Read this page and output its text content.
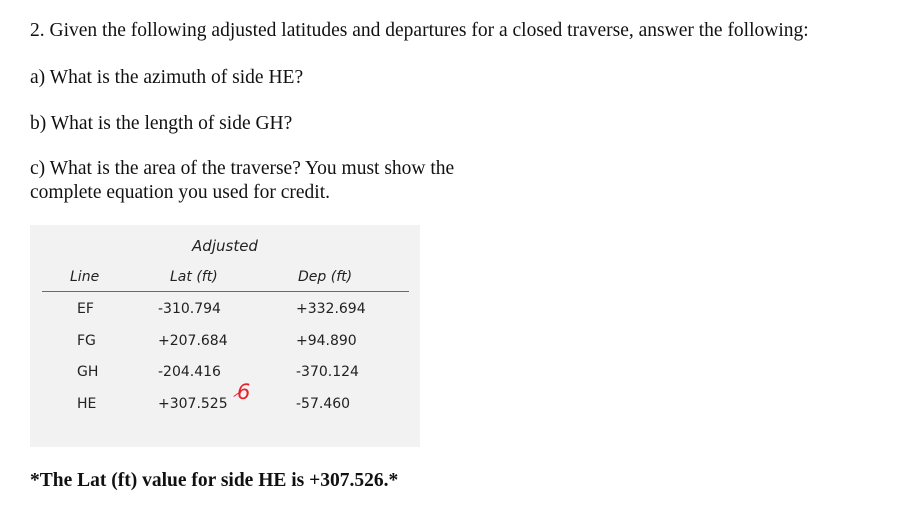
2. Given the following adjusted latitudes and departures for a closed traverse, answer the following:
a) What is the azimuth of side HE?
b) What is the length of side GH?
c) What is the area of the traverse? You must show the complete equation you used for credit.
Adjusted
Line	Lat (ft)	Dep (ft)
EF	-310.794	+332.694
FG	+207.684	+94.890
GH	-204.416	-370.124
HE	+307.525	-57.460
6
*The Lat (ft) value for side HE is +307.526.*
